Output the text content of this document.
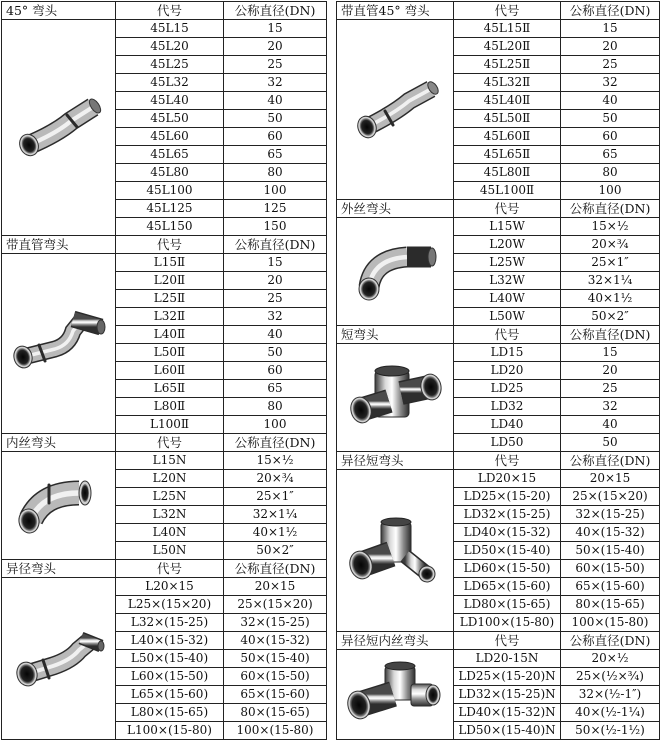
45° 弯头	代号	公称直径(DN)

	45L15	15
	45L20	20
	45L25	25
	45L32	32
	45L40	40
	45L50	50
	45L60	60
	45L65	65
	45L80	80
	45L100	100
	45L125	125
	45L150	150
带直管弯头	代号	公称直径(DN)

	L15Ⅱ	15
	L20Ⅱ	20
	L25Ⅱ	25
	L32Ⅱ	32
	L40Ⅱ	40
	L50Ⅱ	50
	L60Ⅱ	60
	L65Ⅱ	65
	L80Ⅱ	80
	L100Ⅱ	100
内丝弯头	代号	公称直径(DN)

	L15N	15×½
	L20N	20×¾
	L25N	25×1″
	L32N	32×1¼
	L40N	40×1½
	L50N	50×2″
异径弯头	代号	公称直径(DN)

	L20×15	20×15
	L25×(15×20)	25×(15×20)
	L32×(15-25)	32×(15-25)
	L40×(15-32)	40×(15-32)
	L50×(15-40)	50×(15-40)
	L60×(15-50)	60×(15-50)
	L65×(15-60)	65×(15-60)
	L80×(15-65)	80×(15-65)
	L100×(15-80)	100×(15-80)
带直管45° 弯头	代号	公称直径(DN)

	45L15Ⅱ	15
	45L20Ⅱ	20
	45L25Ⅱ	25
	45L32Ⅱ	32
	45L40Ⅱ	40
	45L50Ⅱ	50
	45L60Ⅱ	60
	45L65Ⅱ	65
	45L80Ⅱ	80
	45L100Ⅱ	100
外丝弯头	代号	公称直径(DN)

	L15W	15×½
	L20W	20×¾
	L25W	25×1″
	L32W	32×1¼
	L40W	40×1½
	L50W	50×2″
短弯头	代号	公称直径(DN)

	LD15	15
	LD20	20
	LD25	25
	LD32	32
	LD40	40
	LD50	50
异径短弯头	代号	公称直径(DN)

	LD20×15	20×15
	LD25×(15-20)	25×(15×20)
	LD32×(15-25)	32×(15-25)
	LD40×(15-32)	40×(15-32)
	LD50×(15-40)	50×(15-40)
	LD60×(15-50)	60×(15-50)
	LD65×(15-60)	65×(15-60)
	LD80×(15-65)	80×(15-65)
	LD100×(15-80)	100×(15-80)
异径短内丝弯头	代号	公称直径(DN)

	LD20-15N	20×½
	LD25×(15-20)N	25×(½×¾)
	LD32×(15-25)N	32×(½-1″)
	LD40×(15-32)N	40×(½-1¼)
	LD50×(15-40)N	50×(½-1½)
